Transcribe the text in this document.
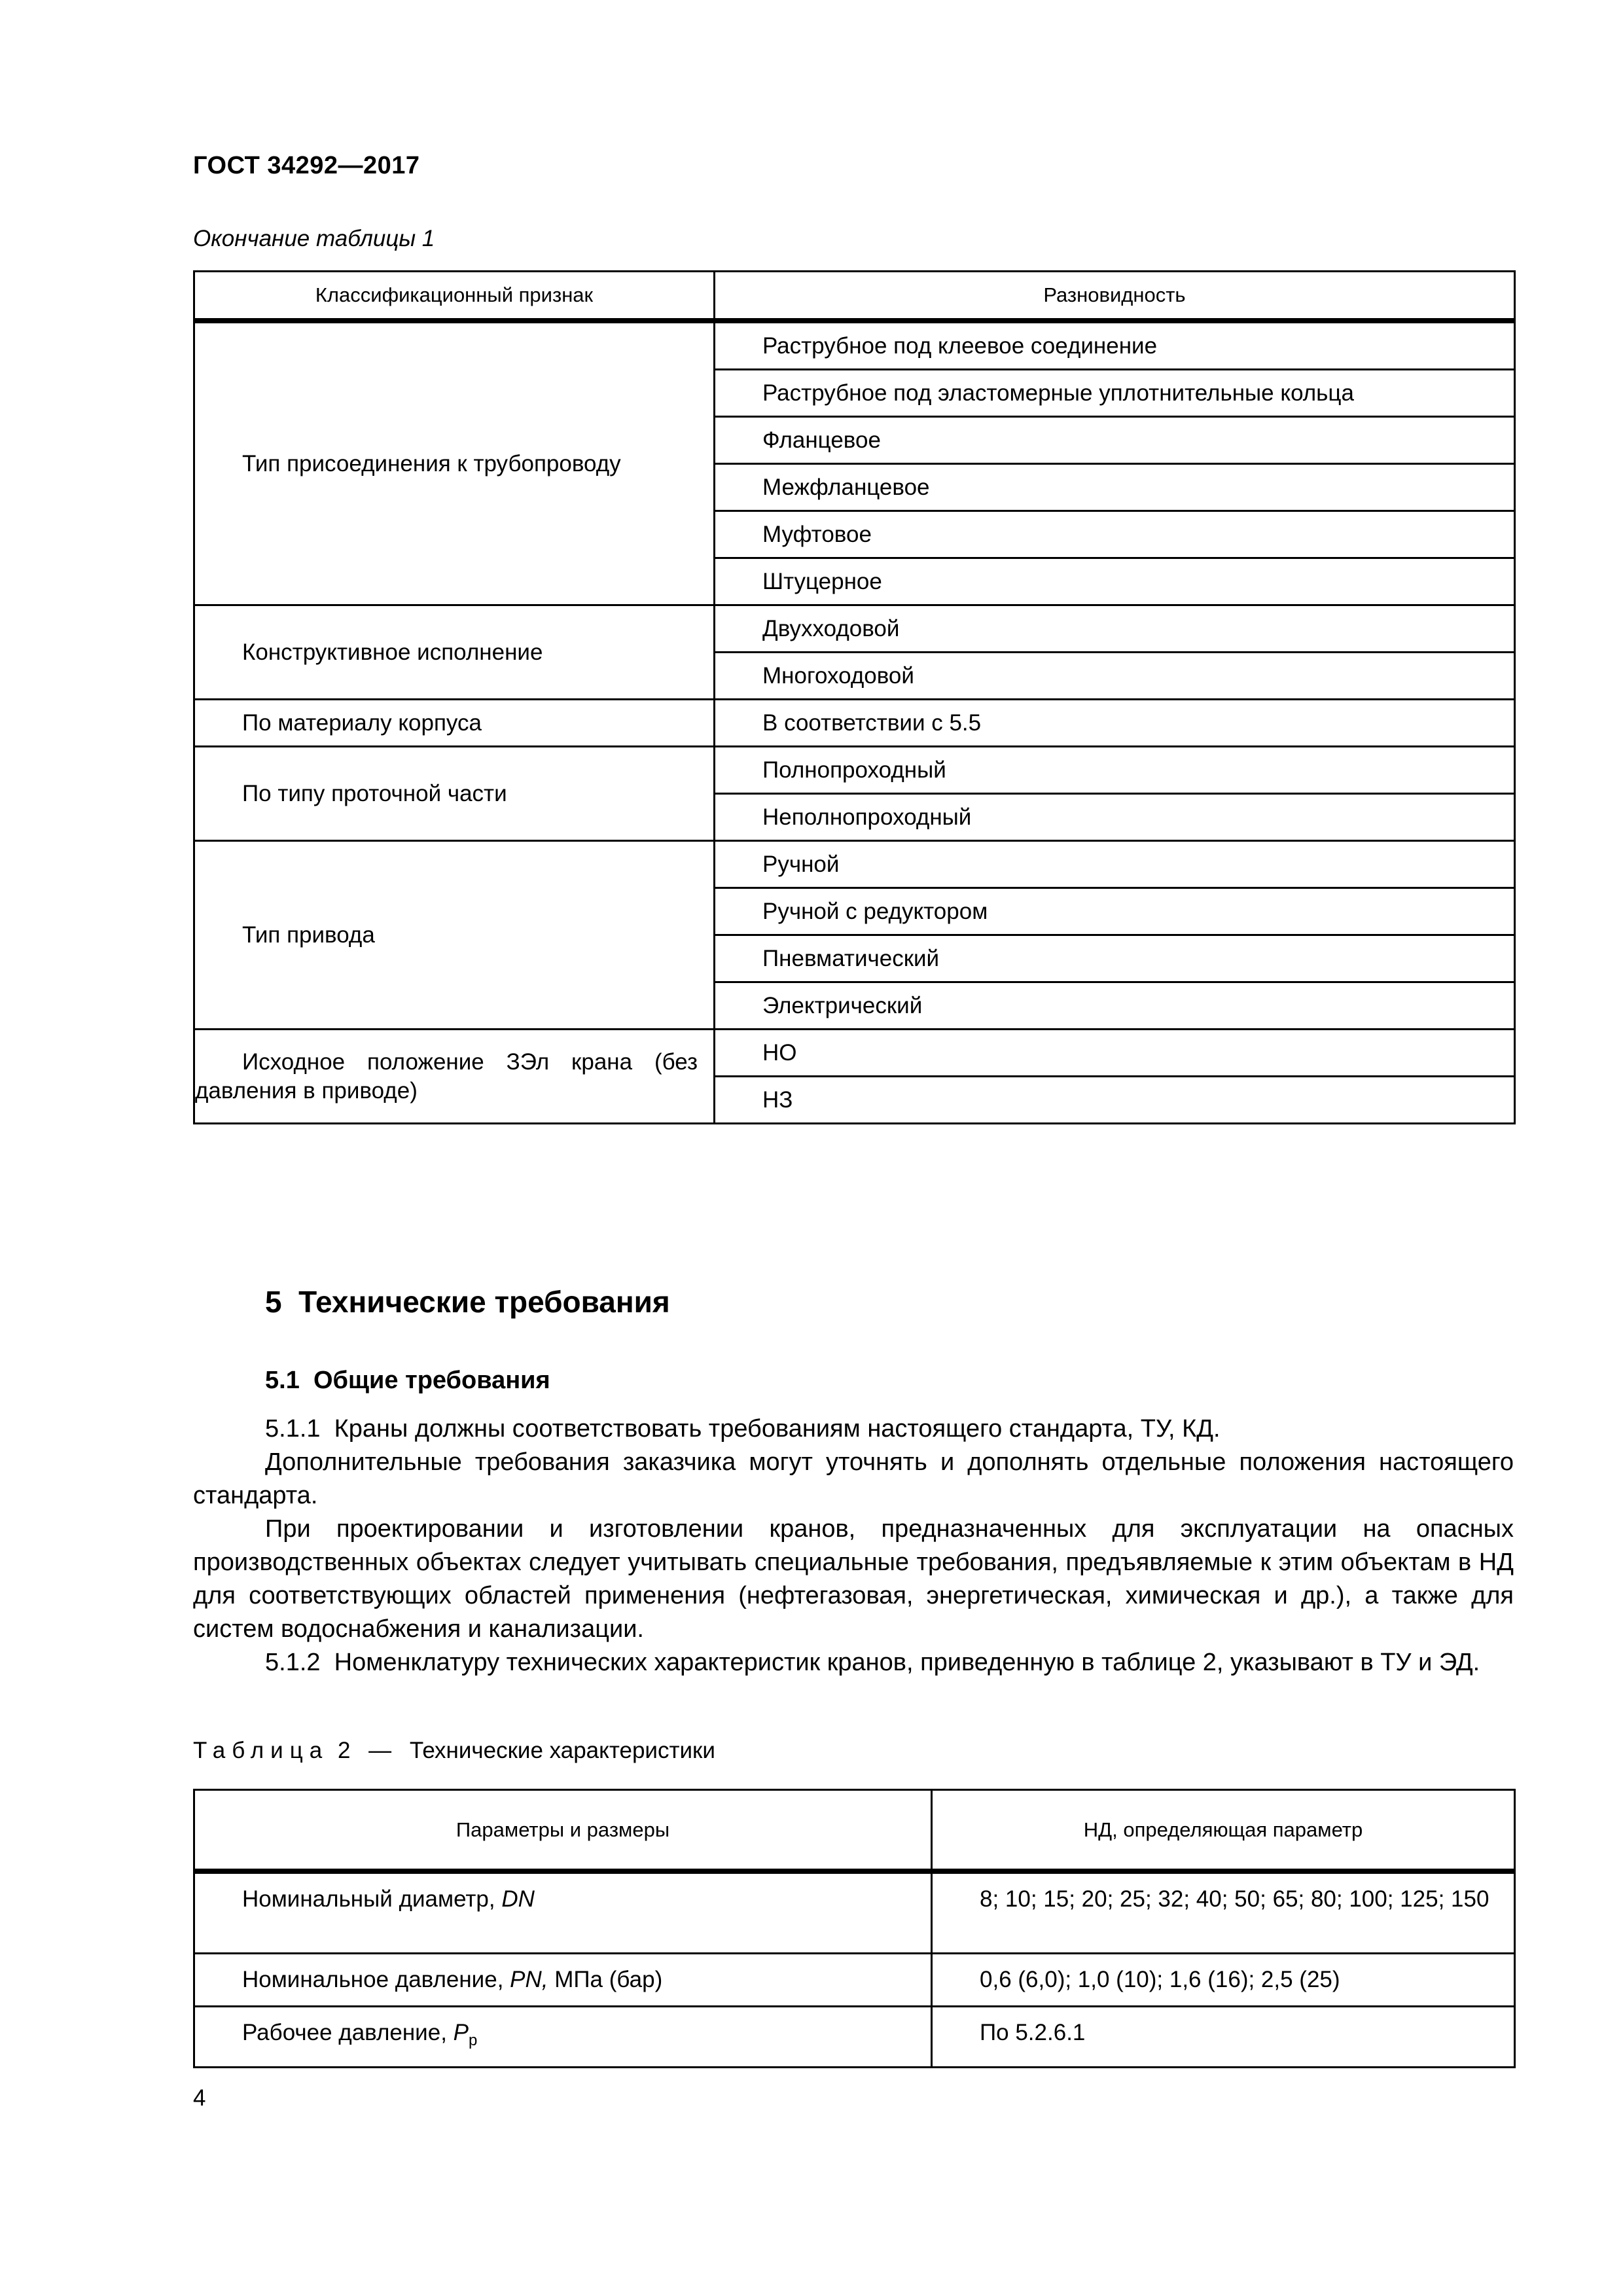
ГОСТ 34292—2017
Окончание таблицы 1
Классификационный признак	Разновидность
Тип присоединения к трубопроводу	Раструбное под клеевое соединение
	Раструбное под эластомерные уплотнительные кольца
	Фланцевое
	Межфланцевое
	Муфтовое
	Штуцерное
Конструктивное исполнение	Двухходовой
	Многоходовой
По материалу корпуса	В соответствии с 5.5
По типу проточной части	Полнопроходный
	Неполнопроходный
Тип привода	Ручной
	Ручной с редуктором
	Пневматический
	Электрический

Исходное положение ЗЭл крана (без давления в приводе)	НО
	НЗ
5  Технические требования
5.1  Общие требования

5.1.1  Краны должны соответствовать требованиям настоящего стандарта, ТУ, КД.

Дополнительные требования заказчика могут уточнять и дополнять отдельные положения настоящего стандарта.

При проектировании и изготовлении кранов, предназначенных для эксплуатации на опасных производственных объектах следует учитывать специальные требования, предъявляемые к этим объектам в НД для соответствующих областей применения (нефтегазовая, энергетическая, химическая и др.), а также для систем водоснабжения и канализации.

5.1.2  Номенклатуру технических характеристик кранов, приведенную в таблице 2, указывают в ТУ и ЭД.

Таблица 2 — Технические характеристики
Параметры и размеры	НД, определяющая параметр

Номинальный диаметр, DN	8; 10; 15; 20; 25; 32; 40; 50; 65; 80; 100; 125; 150

Номинальное давление, PN, МПа (бар)	0,6 (6,0); 1,0 (10); 1,6 (16); 2,5 (25)

Рабочее давление, $P_р$	По 5.2.6.1
4
